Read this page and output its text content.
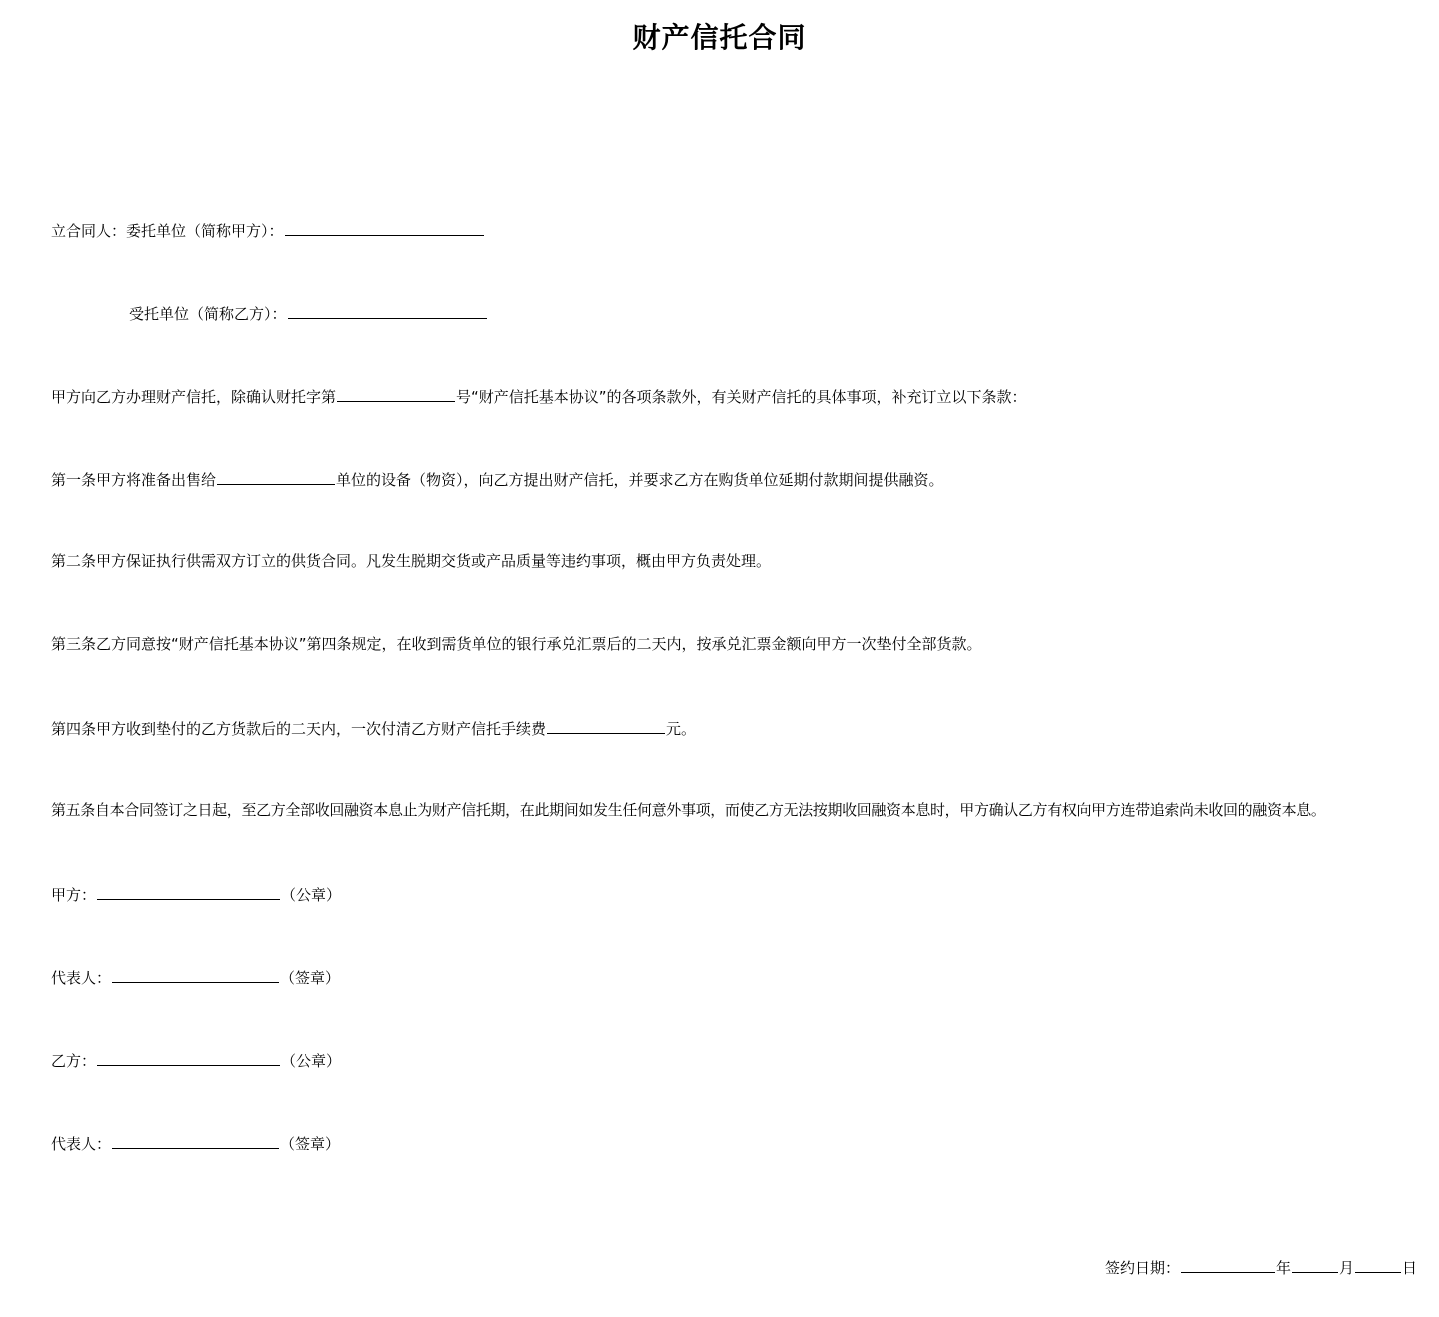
财产信托合同
立合同人：委托单位（简称甲方）：
受托单位（简称乙方）：
甲方向乙方办理财产信托，除确认财托字第	号“财产信托基本协议”的各项条款外，有关财产信托的具体事项，补充订立以下条款：
第一条甲方将准备出售给	单位的设备（物资），向乙方提出财产信托，并要求乙方在购货单位延期付款期间提供融资。
第二条甲方保证执行供需双方订立的供货合同。凡发生脱期交货或产品质量等违约事项，概由甲方负责处理。
第三条乙方同意按“财产信托基本协议”第四条规定，在收到需货单位的银行承兑汇票后的二天内，按承兑汇票金额向甲方一次垫付全部货款。
第四条甲方收到垫付的乙方货款后的二天内，一次付清乙方财产信托手续费	元。
第五条自本合同签订之日起，至乙方全部收回融资本息止为财产信托期，在此期间如发生任何意外事项，而使乙方无法按期收回融资本息时，甲方确认乙方有权向甲方连带追索尚未收回的融资本息。
甲方：	（公章）
代表人：	（签章）
乙方：	（公章）
代表人：	（签章）
签约日期：	年	月	日
